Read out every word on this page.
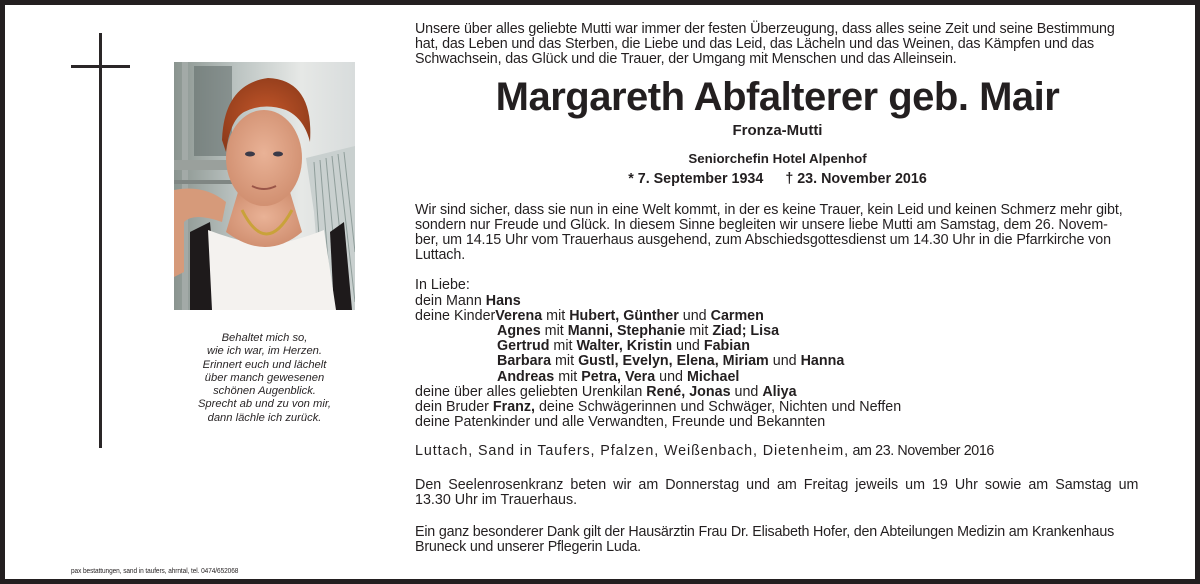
Behaltet mich so,
wie ich war, im Herzen.
Erinnert euch und lächelt
über manch gewesenen
schönen Augenblick.
Sprecht ab und zu von mir,
dann lächle ich zurück.
pax bestattungen, sand in taufers, ahrntal, tel. 0474/652068
Unsere über alles geliebte Mutti war immer der festen Überzeugung, dass alles seine Zeit und seine Bestimmung
hat, das Leben und das Sterben, die Liebe und das Leid, das Lächeln und das Weinen, das Kämpfen und das
Schwachsein, das Glück und die Trauer, der Umgang mit Menschen und das Alleinsein.
Margareth Abfalterer geb. Mair
Fronza-Mutti
Seniorchefin Hotel Alpenhof
* 7. September 1934 † 23. November 2016
Wir sind sicher, dass sie nun in eine Welt kommt, in der es keine Trauer, kein Leid und keinen Schmerz mehr gibt,
sondern nur Freude und Glück. In diesem Sinne begleiten wir unsere liebe Mutti am Samstag, dem 26. Novem-
ber, um 14.15 Uhr vom Trauerhaus ausgehend, zum Abschiedsgottesdienst um 14.30 Uhr in die Pfarrkirche von
Luttach.
In Liebe:
dein Mann Hans
deine KinderVerena mit Hubert, Günther und Carmen
Agnes mit Manni, Stephanie mit Ziad; Lisa
Gertrud mit Walter, Kristin und Fabian
Barbara mit Gustl, Evelyn, Elena, Miriam und Hanna
Andreas mit Petra, Vera und Michael
deine über alles geliebten Urenkilan René, Jonas und Aliya
dein Bruder Franz, deine Schwägerinnen und Schwäger, Nichten und Neffen
deine Patenkinder und alle Verwandten, Freunde und Bekannten
Luttach, Sand in Taufers, Pfalzen, Weißenbach, Dietenheim, am 23. November 2016
Den Seelenrosenkranz beten wir am Donnerstag und am Freitag jeweils um 19 Uhr sowie am Samstag um
13.30 Uhr im Trauerhaus.
Ein ganz besonderer Dank gilt der Hausärztin Frau Dr. Elisabeth Hofer, den Abteilungen Medizin am Krankenhaus
Bruneck und unserer Pflegerin Luda.
